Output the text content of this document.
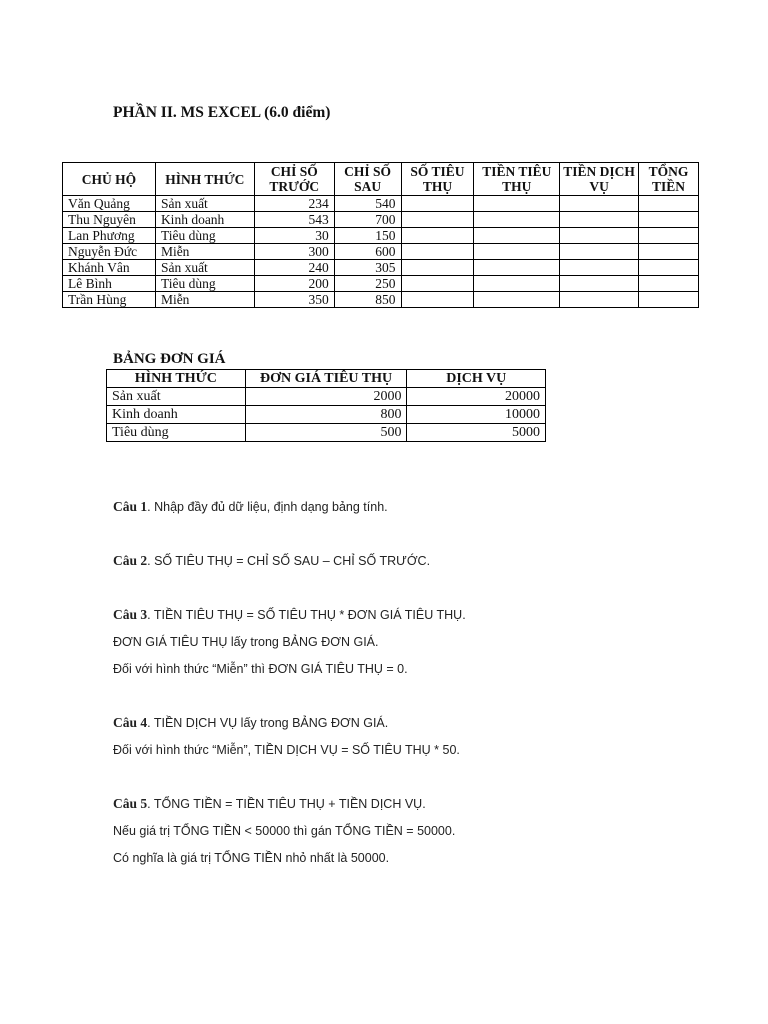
PHẦN II. MS EXCEL (6.0 điểm)
CHỦ HỘ	HÌNH THỨC	CHỈ SỐ TRƯỚC	CHỈ SỐ SAU	SỐ TIÊU THỤ	TIỀN TIÊU THỤ	TIỀN DỊCH VỤ	TỔNG TIỀN
Văn Quảng	Sản xuất	234	540				
Thu Nguyên	Kinh doanh	543	700				
Lan Phương	Tiêu dùng	30	150				
Nguyễn Đức	Miễn	300	600				
Khánh Vân	Sản xuất	240	305				
Lê Bình	Tiêu dùng	200	250				
Trần Hùng	Miễn	350	850				
BẢNG ĐƠN GIÁ
HÌNH THỨC	ĐƠN GIÁ TIÊU THỤ	DỊCH VỤ
Sản xuất	2000	20000
Kinh doanh	800	10000
Tiêu dùng	500	5000

Câu 1. Nhập đầy đủ dữ liệu, định dạng bảng tính.

Câu 2. SỐ TIÊU THỤ = CHỈ SỐ SAU – CHỈ SỐ TRƯỚC.

Câu 3. TIỀN TIÊU THỤ = SỐ TIÊU THỤ * ĐƠN GIÁ TIÊU THỤ.

ĐƠN GIÁ TIÊU THỤ lấy trong BẢNG ĐƠN GIÁ.

Đối với hình thức “Miễn” thì ĐƠN GIÁ TIÊU THỤ = 0.

Câu 4. TIỀN DỊCH VỤ lấy trong BẢNG ĐƠN GIÁ.

Đối với hình thức “Miễn”, TIỀN DỊCH VỤ = SỐ TIÊU THỤ * 50.

Câu 5. TỔNG TIỀN = TIỀN TIÊU THỤ + TIỀN DỊCH VỤ.

Nếu giá trị TỔNG TIỀN < 50000 thì gán TỔNG TIỀN = 50000.

Có nghĩa là giá trị TỔNG TIỀN nhỏ nhất là 50000.
